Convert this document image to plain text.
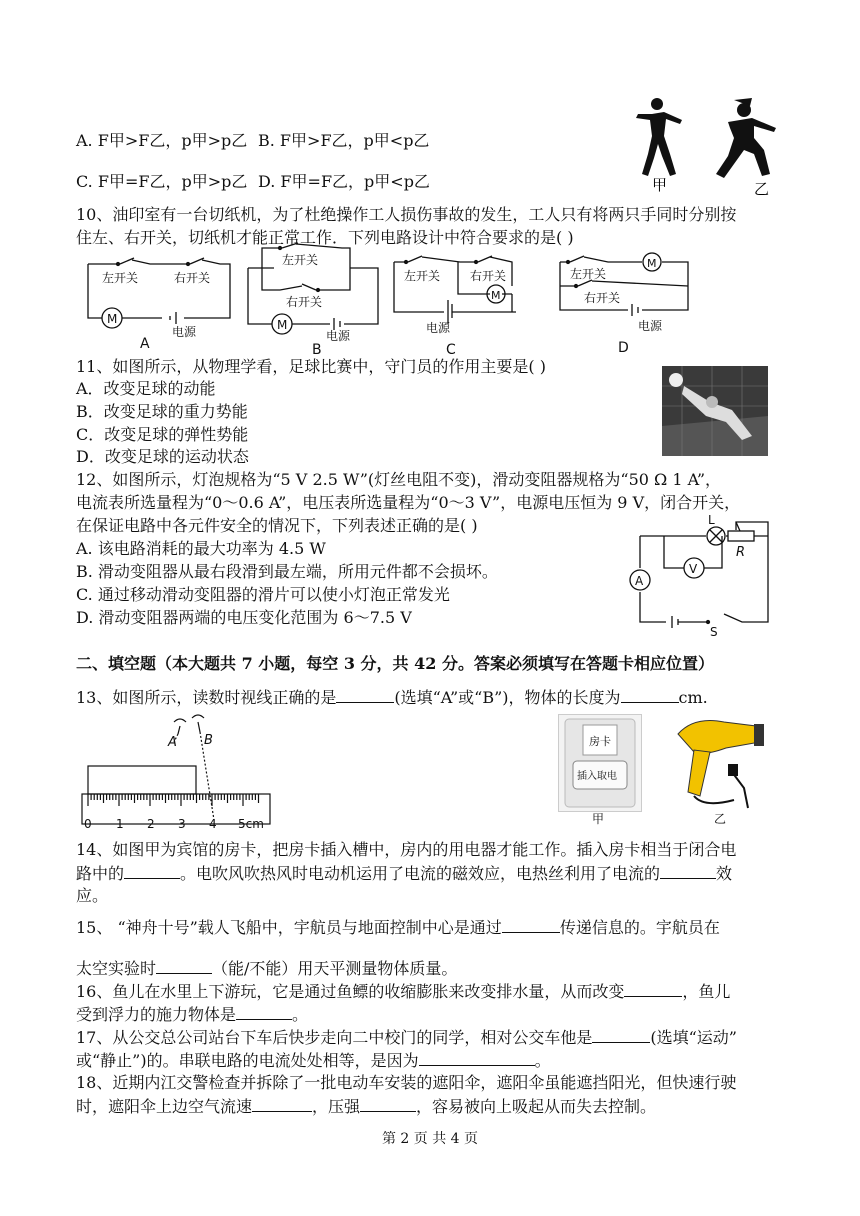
A. F甲>F乙，p甲>p乙 B. F甲>F乙，p甲<p乙
C. F甲=F乙，p甲>p乙 D. F甲=F乙，p甲<p乙	甲	乙
10、油印室有一台切纸机，为了杜绝操作工人损伤事故的发生，工人只有将两只手同时分别按
住左、右开关，切纸机才能正常工作．下列电路设计中符合要求的是( )
M
左开关	右开关
电源
A
M
左开关
右开关
电源
B
M
左开关 右开关
电源
C
M
左开关
右开关
电源
D
11、如图所示，从物理学看，足球比赛中，守门员的作用主要是( )
A．改变足球的动能
B．改变足球的重力势能
C．改变足球的弹性势能
D．改变足球的运动状态
12、如图所示，灯泡规格为“5 V 2.5 W”(灯丝电阻不变)，滑动变阻器规格为“50 Ω 1 A”，
电流表所选量程为“0～0.6 A”，电压表所选量程为“0～3 V”，电源电压恒为 9 V，闭合开关，
在保证电路中各元件安全的情况下，下列表述正确的是( )
A. 该电路消耗的最大功率为 4.5 W
B. 滑动变阻器从最右段滑到最左端，所用元件都不会损坏。
C. 通过移动滑动变阻器的滑片可以使小灯泡正常发光
D. 滑动变阻器两端的电压变化范围为 6～7.5 V
L
R
V
A
S
二、填空题（本大题共 7 小题，每空 3 分，共 42 分。答案必须填写在答题卡相应位置）
13、如图所示，读数时视线正确的是	(选填“A”或“B”)，物体的长度为	cm.
A B
0 1 2 3 4 5cm
房卡
插入取电
甲	乙
14、如图甲为宾馆的房卡，把房卡插入槽中，房内的用电器才能工作。插入房卡相当于闭合电
路中的	。电吹风吹热风时电动机运用了电流的磁效应，电热丝利用了电流的	效
应。
15、 “神舟十号”载人飞船中，宇航员与地面控制中心是通过	传递信息的。宇航员在
太空实验时	（能/不能）用天平测量物体质量。
16、鱼儿在水里上下游玩，它是通过鱼鳔的收缩膨胀来改变排水量，从而改变	，鱼儿
受到浮力的施力物体是	。
17、从公交总公司站台下车后快步走向二中校门的同学，相对公交车他是	(选填“运动”
或“静止”)的。串联电路的电流处处相等，是因为	。
18、近期内江交警检查并拆除了一批电动车安装的遮阳伞，遮阳伞虽能遮挡阳光，但快速行驶
时，遮阳伞上边空气流速	，压强	，容易被向上吸起从而失去控制。
第 2 页 共 4 页
